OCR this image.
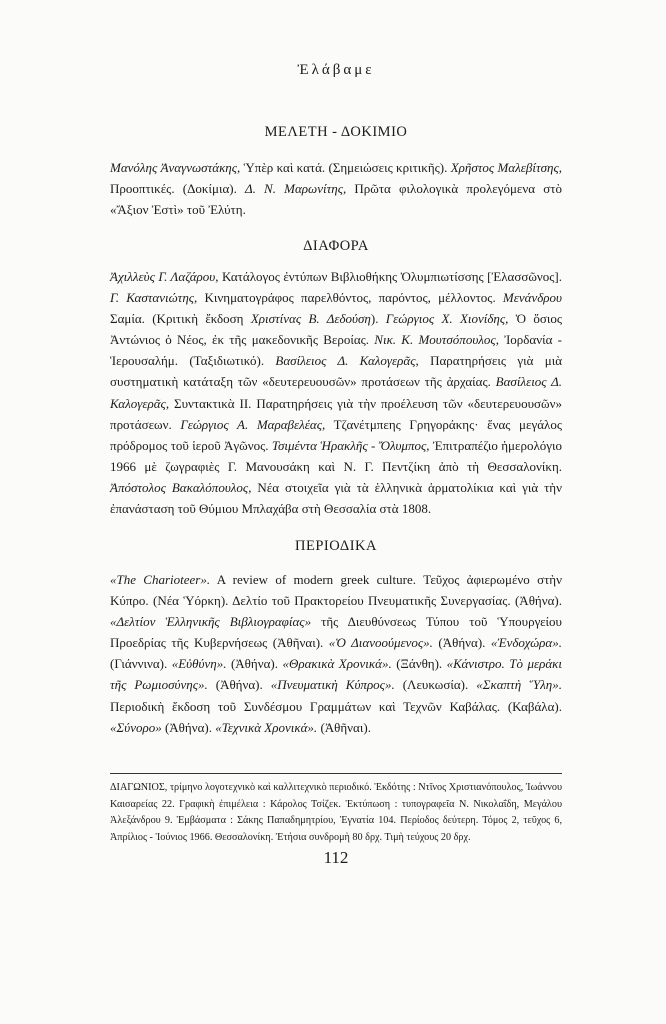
Ἐλάβαμε
ΜΕΛΕΤΗ - ΔΟΚΙΜΙΟ

Μανόλης Ἀναγνωστάκης, Ὑπὲρ καὶ κατά. (Σημειώσεις κριτικῆς). Χρῆστος Μαλεβίτσης, Προοπτικές. (Δοκίμια). Δ. Ν. Μαρωνίτης, Πρῶτα φιλολογικὰ προλεγόμενα στὸ «Ἄξιον Ἐστὶ» τοῦ Ἐλύτη.

ΔΙΑΦΟΡΑ

Ἀχιλλεὺς Γ. Λαζάρου, Κατάλογος ἐντύπων Βιβλιοθήκης Ὀλυμπιωτίσσης [Ἐλασσῶνος]. Γ. Καστανιώτης, Κινηματογράφος παρελθόντος, παρόντος, μέλλοντος. Μενάνδρου Σαμία. (Κριτικὴ ἔκδοση Χριστίνας Β. Δεδούση). Γεώργιος Χ. Χιονίδης, Ὁ ὅσιος Ἀντώνιος ὁ Νέος, ἐκ τῆς μακεδονικῆς Βεροίας. Νικ. Κ. Μουτσόπουλος, Ἰορδανία - Ἱερουσαλήμ. (Ταξιδιωτικό). Βασίλειος Δ. Καλογερᾶς, Παρατηρήσεις γιὰ μιὰ συστηματικὴ κατάταξη τῶν «δευτερευουσῶν» προτάσεων τῆς ἀρχαίας. Βασίλειος Δ. Καλογερᾶς, Συντακτικὰ ΙΙ. Παρατηρήσεις γιὰ τὴν προέλευση τῶν «δευτερευουσῶν» προτάσεων. Γεώργιος Α. Μαραβελέας, Τζανέτμπεης Γρηγοράκης· ἕνας μεγάλος πρόδρομος τοῦ ἱεροῦ Ἀγῶνος. Τσιμέντα Ἡρακλῆς - Ὄλυμπος, Ἐπιτραπέζιο ἡμερολόγιο 1966 μὲ ζωγραφιὲς Γ. Μανουσάκη καὶ Ν. Γ. Πεντζίκη ἀπὸ τὴ Θεσσαλονίκη. Ἀπόστολος Βακαλόπουλος, Νέα στοιχεῖα γιὰ τὰ ἑλληνικὰ ἁρματολίκια καὶ γιὰ τὴν ἐπανάσταση τοῦ Θύμιου Μπλαχάβα στὴ Θεσσαλία στὰ 1808.

ΠΕΡΙΟΔΙΚΑ

«The Charioteer». A review of modern greek culture. Τεῦχος ἀφιερωμένο στὴν Κύπρο. (Νέα Ὑόρκη). Δελτίο τοῦ Πρακτορείου Πνευματικῆς Συνεργασίας. (Ἀθήνα). «Δελτίον Ἑλληνικῆς Βιβλιογραφίας» τῆς Διευθύνσεως Τύπου τοῦ Ὑπουργείου Προεδρίας τῆς Κυβερνήσεως (Ἀθῆναι). «Ὁ Διανοούμενος». (Ἀθήνα). «Ἐνδοχώρα». (Γιάννινα). «Εὐθύνη». (Ἀθήνα). «Θρακικὰ Χρονικά». (Ξάνθη). «Κάνιστρο. Τὸ μεράκι τῆς Ρωμιοσύνης». (Ἀθήνα). «Πνευματικὴ Κύπρος». (Λευκωσία). «Σκαπτὴ Ὕλη». Περιοδικὴ ἔκδοση τοῦ Συνδέσμου Γραμμάτων καὶ Τεχνῶν Καβάλας. (Καβάλα). «Σύνορο» (Ἀθήνα). «Τεχνικὰ Χρονικά». (Ἀθῆναι).

ΔΙΑΓΩΝΙΟΣ, τρίμηνο λογοτεχνικὸ καὶ καλλιτεχνικὸ περιοδικό. Ἐκδότης : Ντῖνος Χριστιανόπουλος, Ἰωάννου Καισαρείας 22. Γραφικὴ ἐπιμέλεια : Κάρολος Τσίζεκ. Ἐκτύπωση : τυπογραφεῖα Ν. Νικολαΐδη, Μεγάλου Ἀλεξάνδρου 9. Ἐμβάσματα : Σάκης Παπαδημητρίου, Ἐγνατία 104. Περίοδος δεύτερη. Τόμος 2, τεῦχος 6, Ἀπρίλιος - Ἰούνιος 1966. Θεσσαλονίκη. Ἐτήσια συνδρομὴ 80 δρχ. Τιμὴ τεύχους 20 δρχ.

112
